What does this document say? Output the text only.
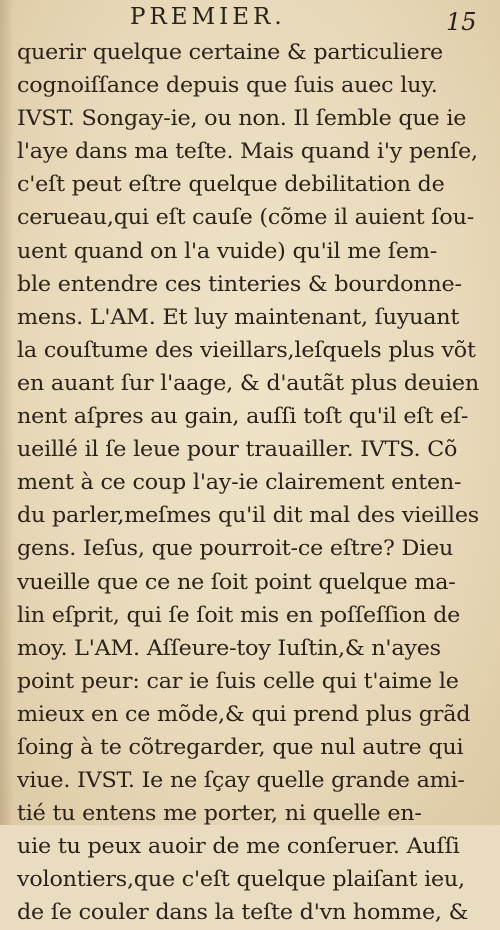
PREMIER.	15
querir quelque certaine & particuliere
cognoiſſance depuis que ſuis auec luy.
IVST. Songay-ie, ou non. Il ſemble que ie
l'aye dans ma teſte. Mais quand i'y penſe,
c'eſt peut eſtre quelque debilitation de
cerueau,qui eſt cauſe (cõme il auient ſou-
uent quand on l'a vuide) qu'il me ſem-
ble entendre ces tinteries & bourdonne-
mens. L'AM. Et luy maintenant, ſuyuant
la couſtume des vieillars,leſquels plus võt
en auant ſur l'aage, & d'autãt plus deuien
nent aſpres au gain, auſſi toſt qu'il eſt eſ-
ueillé il ſe leue pour trauailler. IVTS. Cõ
ment à ce coup l'ay-ie clairement enten-
du parler,meſmes qu'il dit mal des vieilles
gens. Ieſus, que pourroit-ce eſtre? Dieu
vueille que ce ne ſoit point quelque ma-
lin eſprit, qui ſe ſoit mis en poſſeſſion de
moy. L'AM. Aſſeure-toy Iuſtin,& n'ayes
point peur: car ie ſuis celle qui t'aime le
mieux en ce mõde,& qui prend plus grãd
ſoing à te cõtregarder, que nul autre qui
viue. IVST. Ie ne ſçay quelle grande ami-
tié tu entens me porter, ni quelle en-
uie tu peux auoir de me conſeruer. Auſſi
volontiers,que c'eſt quelque plaiſant ieu,
de ſe couler dans la teſte d'vn homme, &
